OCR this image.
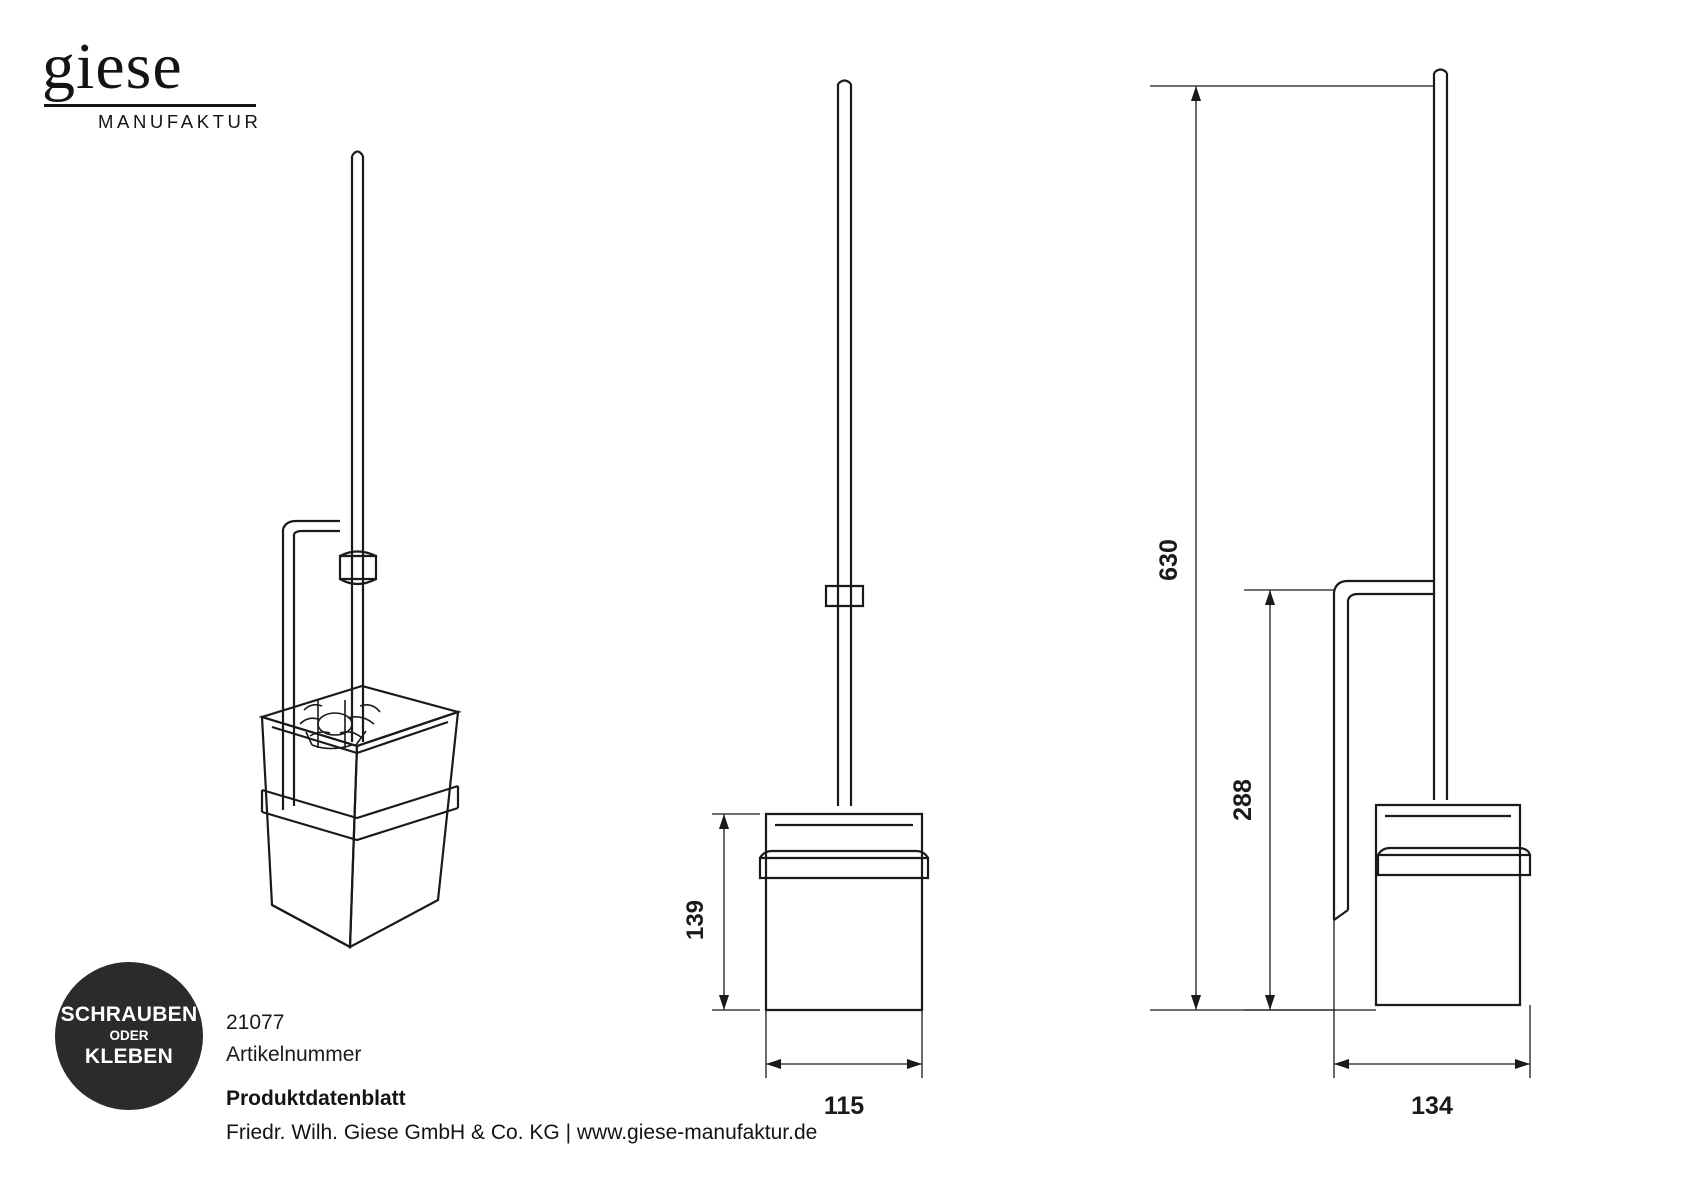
giese
MANUFAKTUR
139
115
630
288
134
SCHRAUBEN
ODER
KLEBEN
21077
Artikelnummer
Produktdatenblatt
Friedr. Wilh. Giese GmbH & Co. KG | www.giese-manufaktur.de
